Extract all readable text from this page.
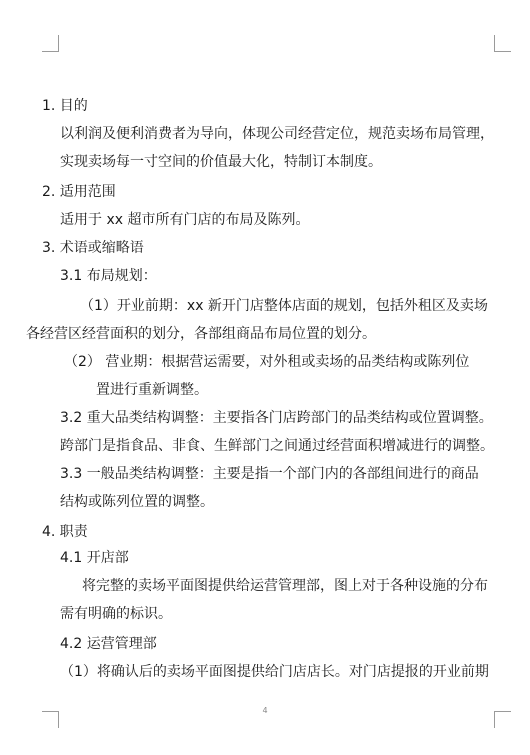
1. 目的
以利润及便利消费者为导向，体现公司经营定位，规范卖场布局管理，
实现卖场每一寸空间的价值最大化，特制订本制度。
2. 适用范围
适用于 xx 超市所有门店的布局及陈列。
3. 术语或缩略语
3.1 布局规划：
（1）开业前期：xx 新开门店整体店面的规划，包括外租区及卖场
各经营区经营面积的划分，各部组商品布局位置的划分。
（2） 营业期：根据营运需要，对外租或卖场的品类结构或陈列位
置进行重新调整。
3.2 重大品类结构调整：主要指各门店跨部门的品类结构或位置调整。
跨部门是指食品、非食、生鲜部门之间通过经营面积增减进行的调整。
3.3 一般品类结构调整：主要是指一个部门内的各部组间进行的商品
结构或陈列位置的调整。
4. 职责
4.1 开店部
将完整的卖场平面图提供给运营管理部，图上对于各种设施的分布
需有明确的标识。
4.2 运营管理部
（1）将确认后的卖场平面图提供给门店店长。对门店提报的开业前期
4
